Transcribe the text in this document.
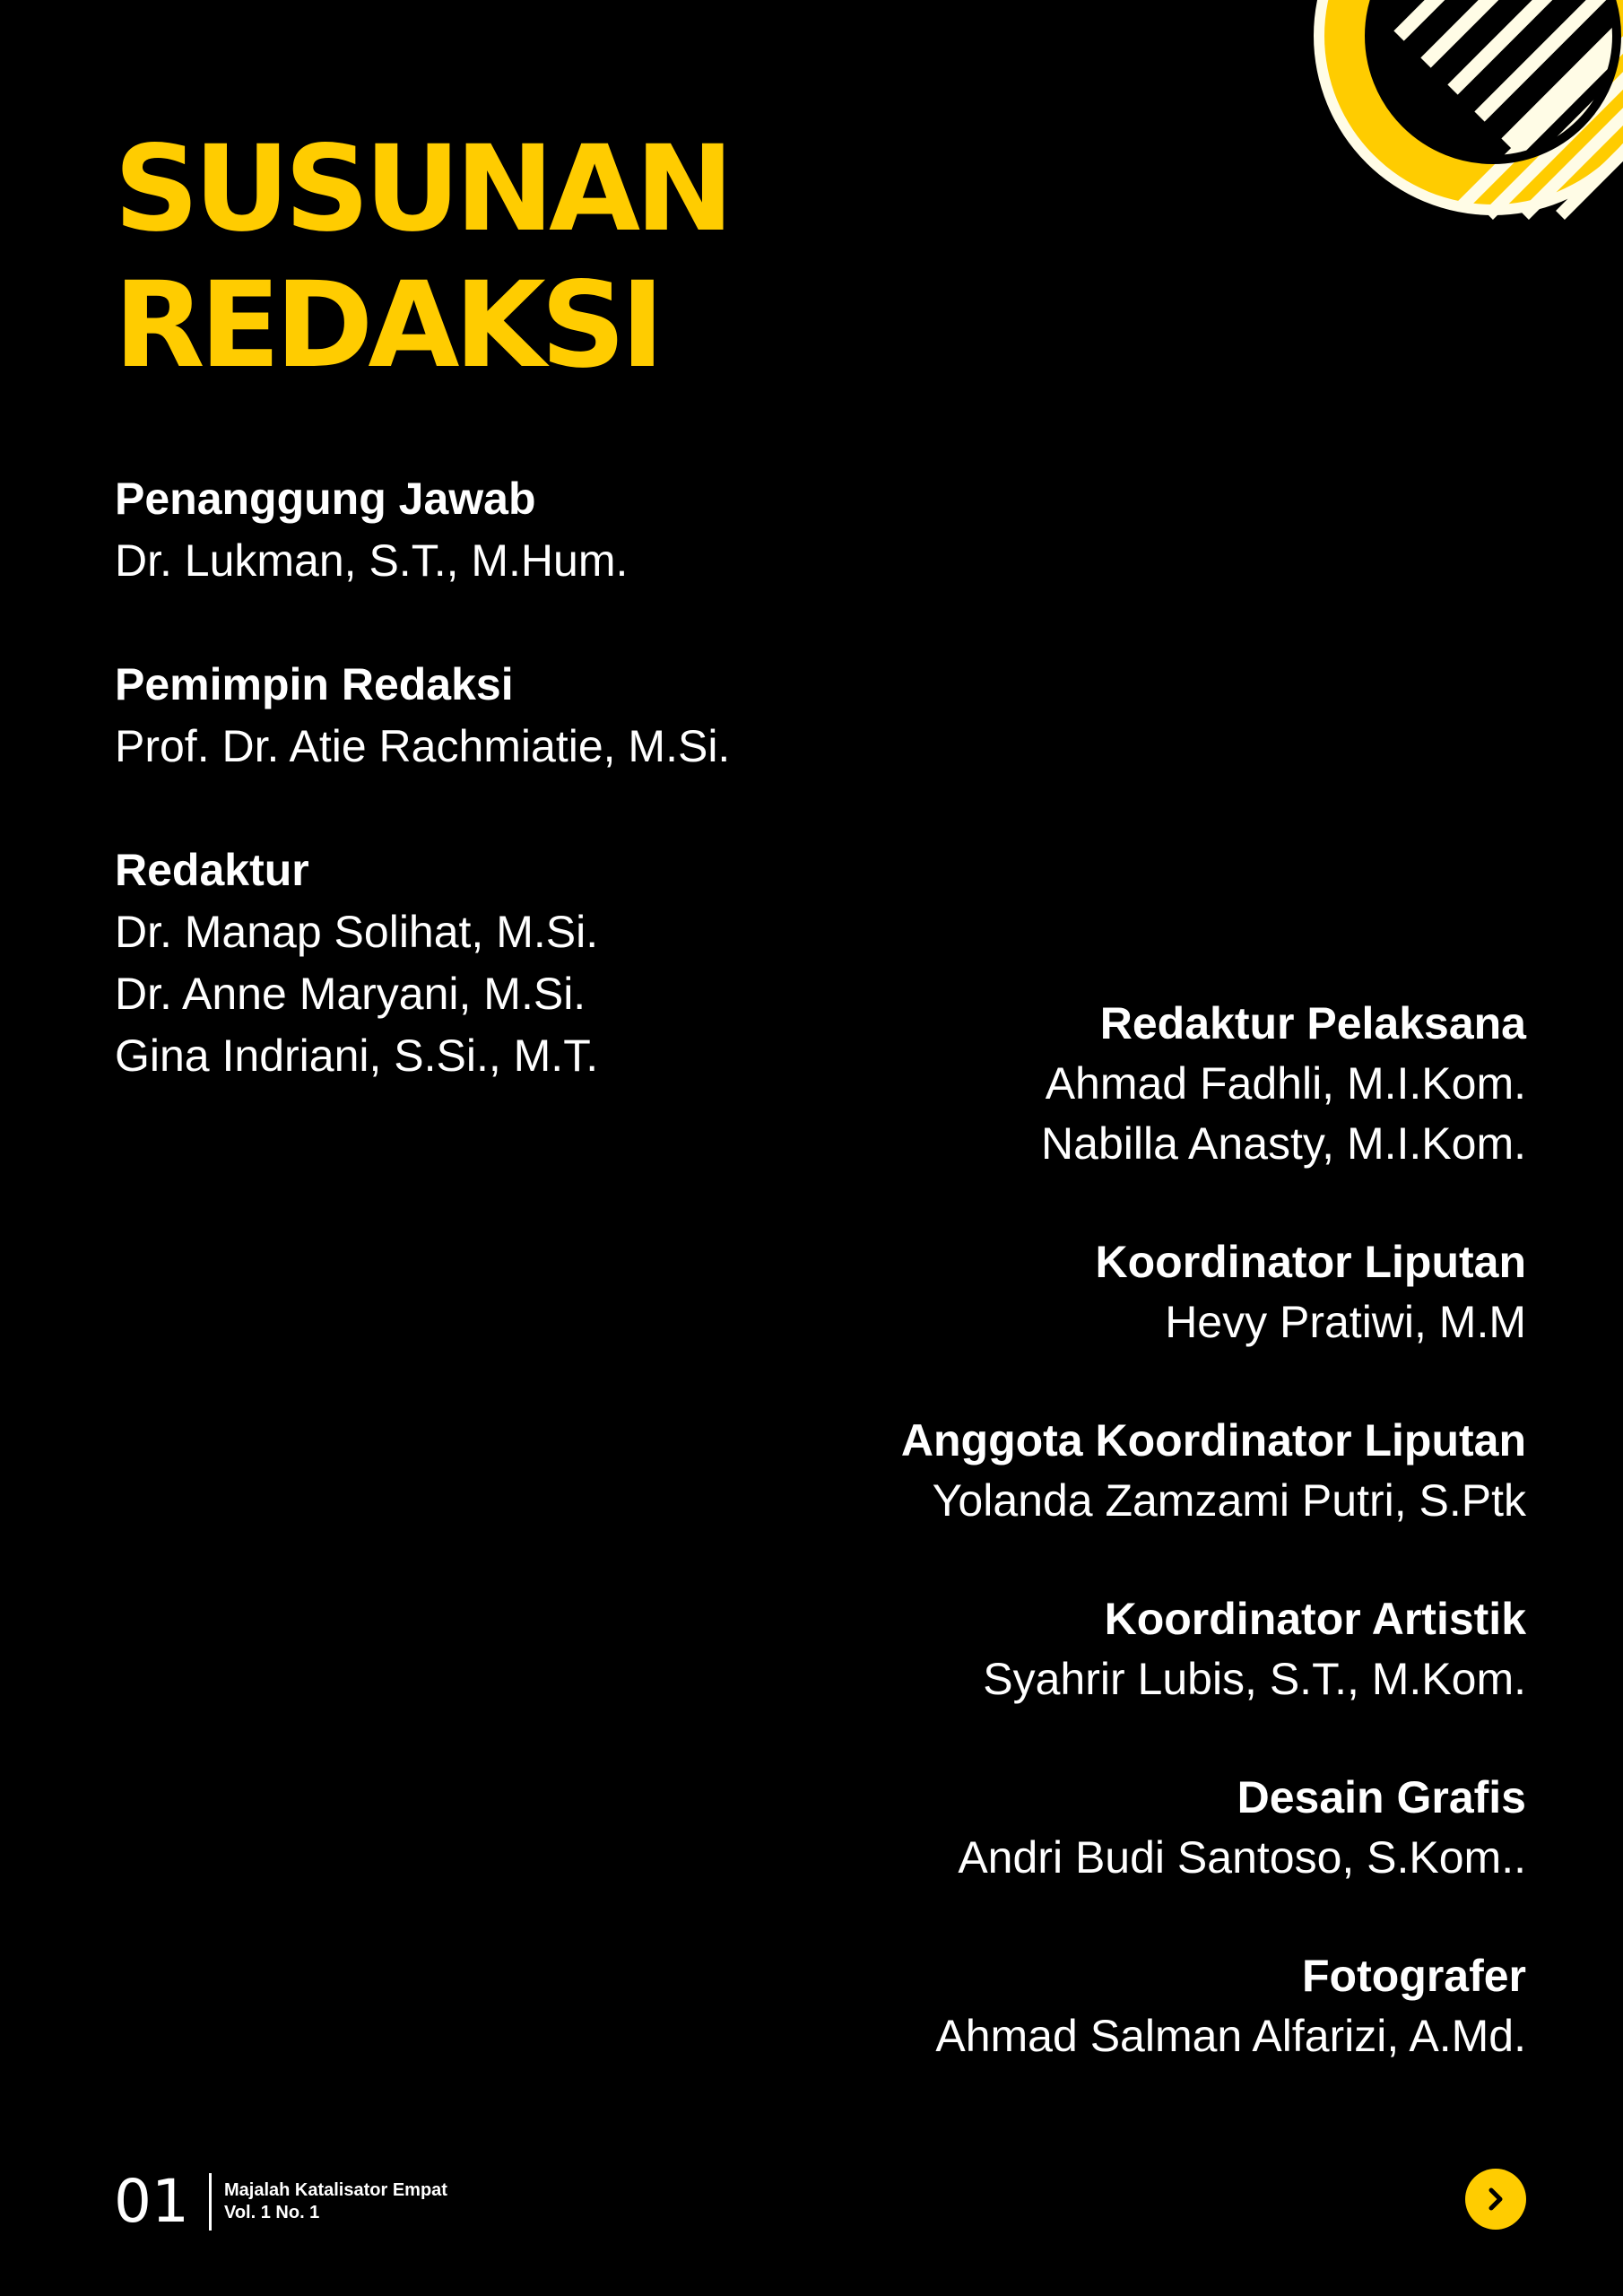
SUSUNAN
REDAKSI
Penanggung Jawab
Dr. Lukman, S.T., M.Hum.
Pemimpin Redaksi
Prof. Dr. Atie Rachmiatie, M.Si.
Redaktur
Dr. Manap Solihat, M.Si.
Dr. Anne Maryani, M.Si.
Gina Indriani, S.Si., M.T.
Redaktur Pelaksana
Ahmad Fadhli, M.I.Kom.
Nabilla Anasty, M.I.Kom.
Koordinator Liputan
Hevy Pratiwi, M.M
Anggota Koordinator Liputan
Yolanda Zamzami Putri, S.Ptk
Koordinator Artistik
Syahrir Lubis, S.T., M.Kom.
Desain Grafis
Andri Budi Santoso, S.Kom..
Fotografer
Ahmad Salman Alfarizi, A.Md.
01 Majalah Katalisator Empat
Vol. 1 No. 1
